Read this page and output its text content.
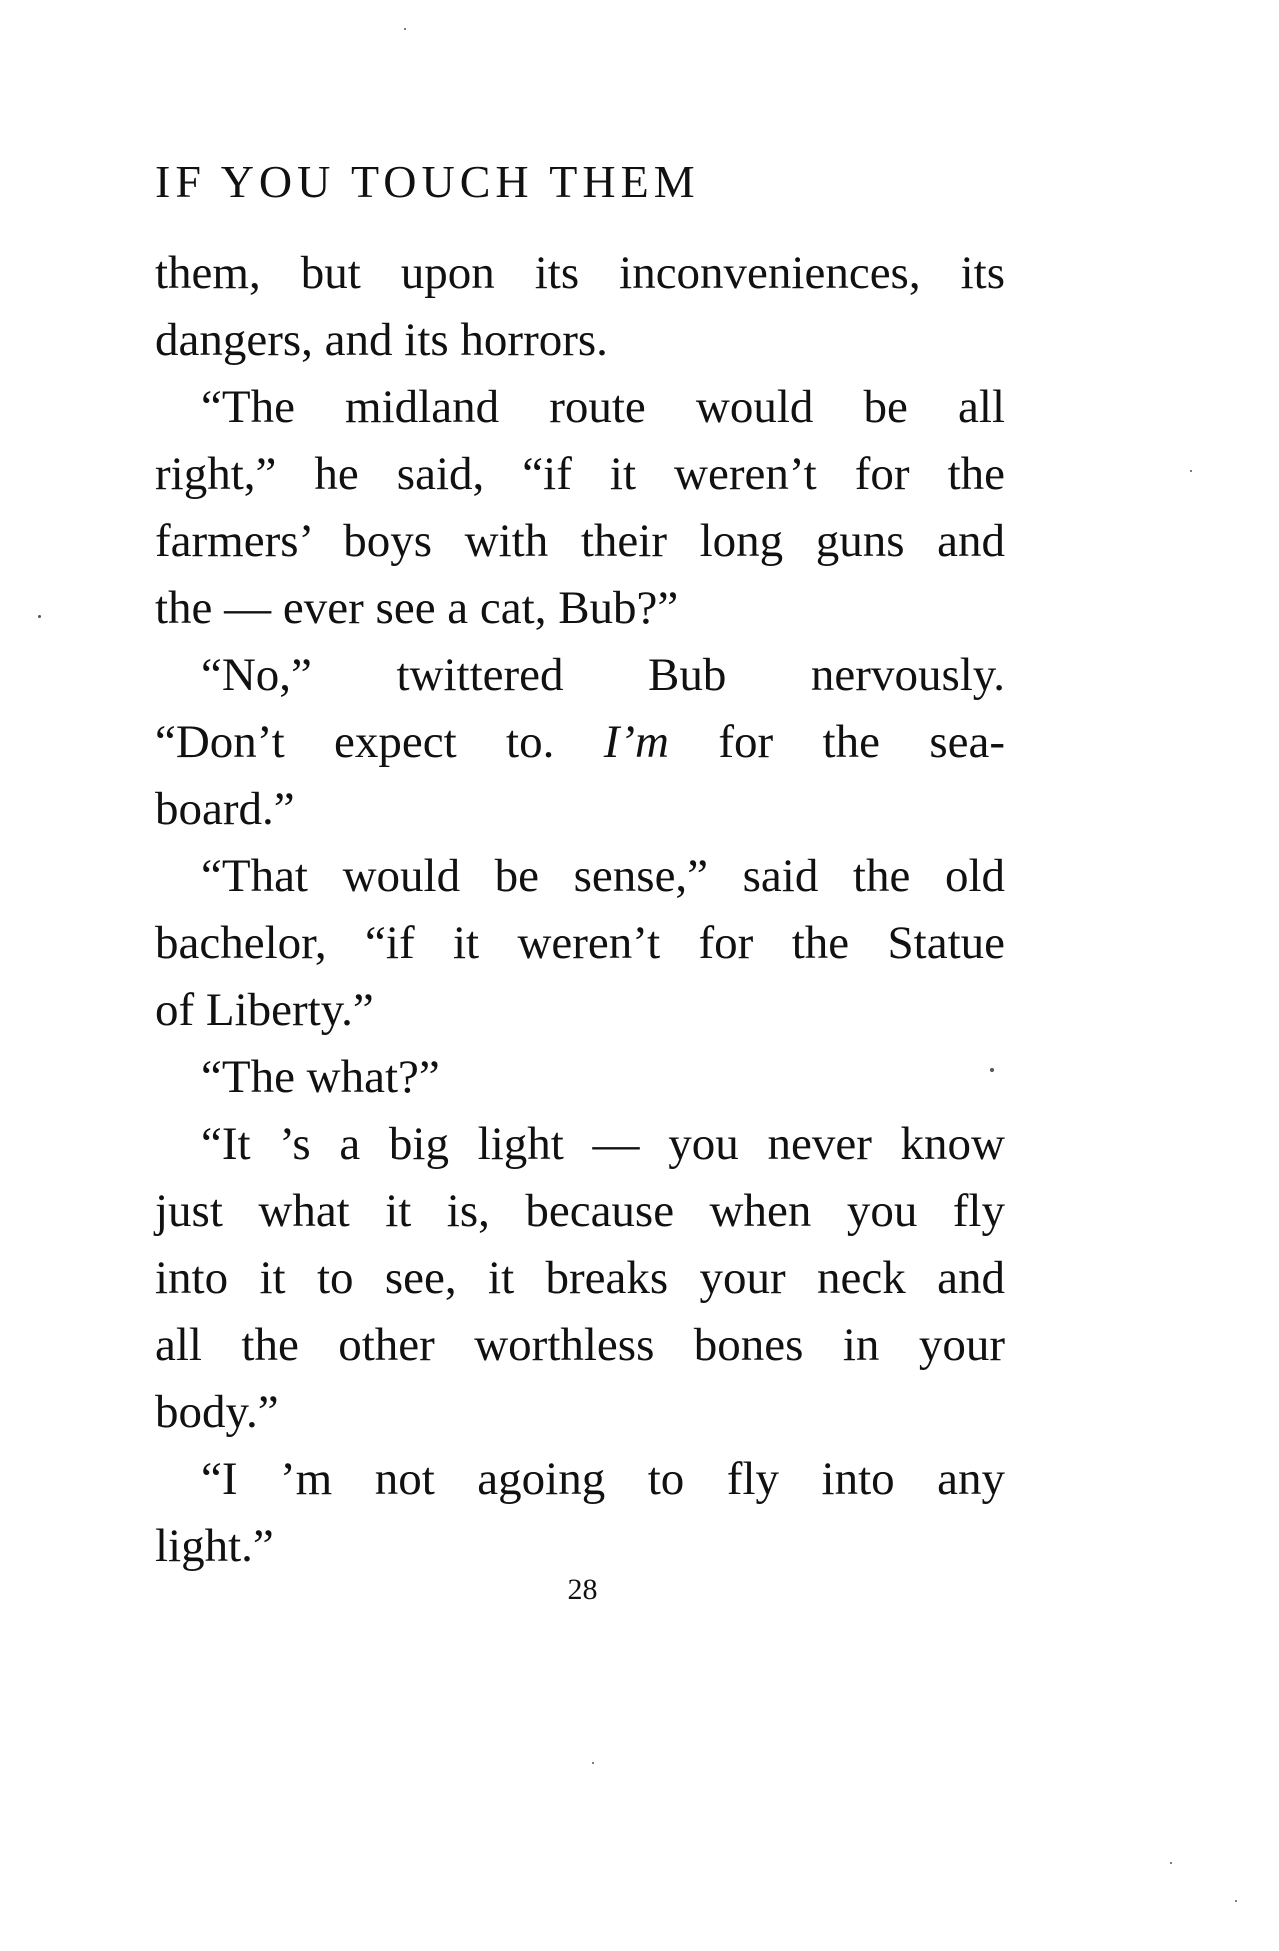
IF YOU TOUCH THEM
them, but upon its inconveniences, its
dangers, and its horrors.
“The midland route would be all
right,” he said, “if it weren’t for the
farmers’ boys with their long guns and
the — ever see a cat, Bub?”
“No,” twittered Bub nervously.
“Don’t expect to. I’m for the sea-
board.”
“That would be sense,” said the old
bachelor, “if it weren’t for the Statue
of Liberty.”
“The what?”
“It ’s a big light — you never know
just what it is, because when you fly
into it to see, it breaks your neck and
all the other worthless bones in your
body.”
“I ’m not agoing to fly into any
light.”
28
